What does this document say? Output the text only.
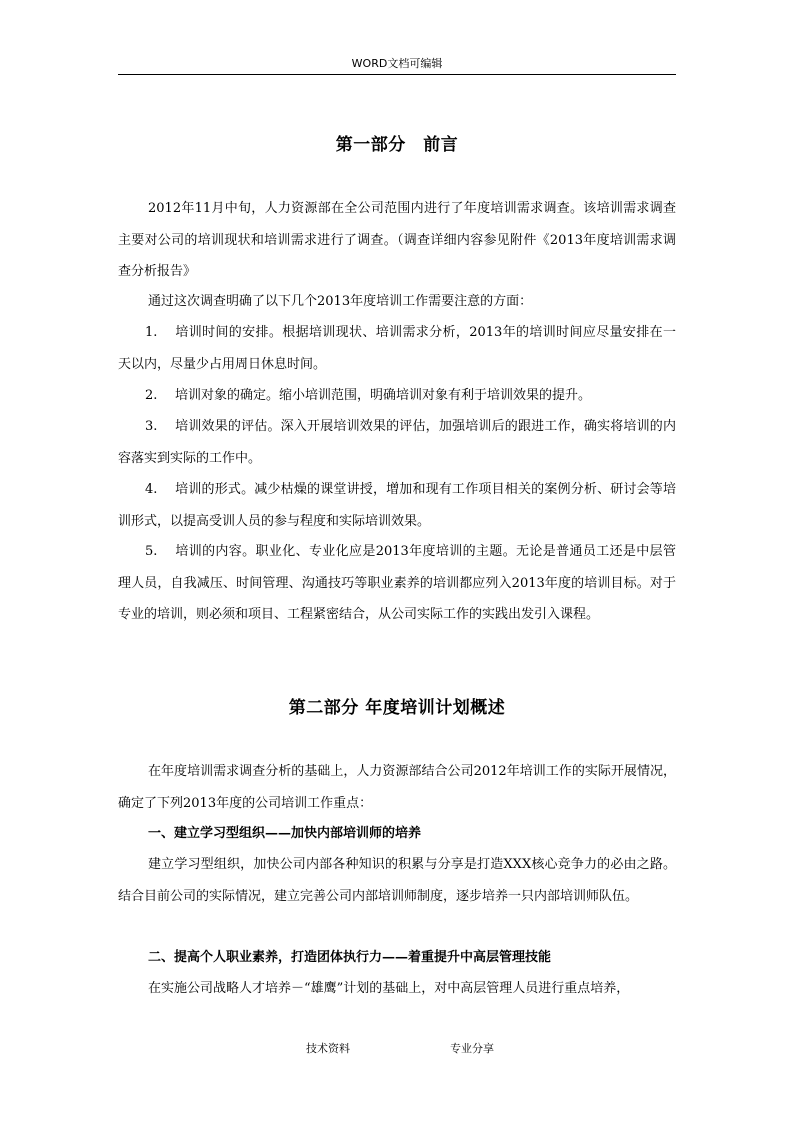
WORD文档可编辑
第一部分　前言
2012年11月中旬，人力资源部在全公司范围内进行了年度培训需求调查。该培训需求调查主要对公司的培训现状和培训需求进行了调查。（调查详细内容参见附件《2013年度培训需求调查分析报告》
通过这次调查明确了以下几个2013年度培训工作需要注意的方面：
1. 培训时间的安排。根据培训现状、培训需求分析，2013年的培训时间应尽量安排在一天以内，尽量少占用周日休息时间。
2. 培训对象的确定。缩小培训范围，明确培训对象有利于培训效果的提升。
3. 培训效果的评估。深入开展培训效果的评估，加强培训后的跟进工作，确实将培训的内容落实到实际的工作中。
4. 培训的形式。减少枯燥的课堂讲授，增加和现有工作项目相关的案例分析、研讨会等培训形式，以提高受训人员的参与程度和实际培训效果。
5. 培训的内容。职业化、专业化应是2013年度培训的主题。无论是普通员工还是中层管理人员，自我减压、时间管理、沟通技巧等职业素养的培训都应列入2013年度的培训目标。对于专业的培训，则必须和项目、工程紧密结合，从公司实际工作的实践出发引入课程。
第二部分 年度培训计划概述
在年度培训需求调查分析的基础上，人力资源部结合公司2012年培训工作的实际开展情况，确定了下列2013年度的公司培训工作重点：
一、建立学习型组织——加快内部培训师的培养
建立学习型组织，加快公司内部各种知识的积累与分享是打造XXX核心竞争力的必由之路。结合目前公司的实际情况，建立完善公司内部培训师制度，逐步培养一只内部培训师队伍。
二、提高个人职业素养，打造团体执行力——着重提升中高层管理技能
在实施公司战略人才培养－“雄鹰”计划的基础上，对中高层管理人员进行重点培养，
技术资料	专业分享
